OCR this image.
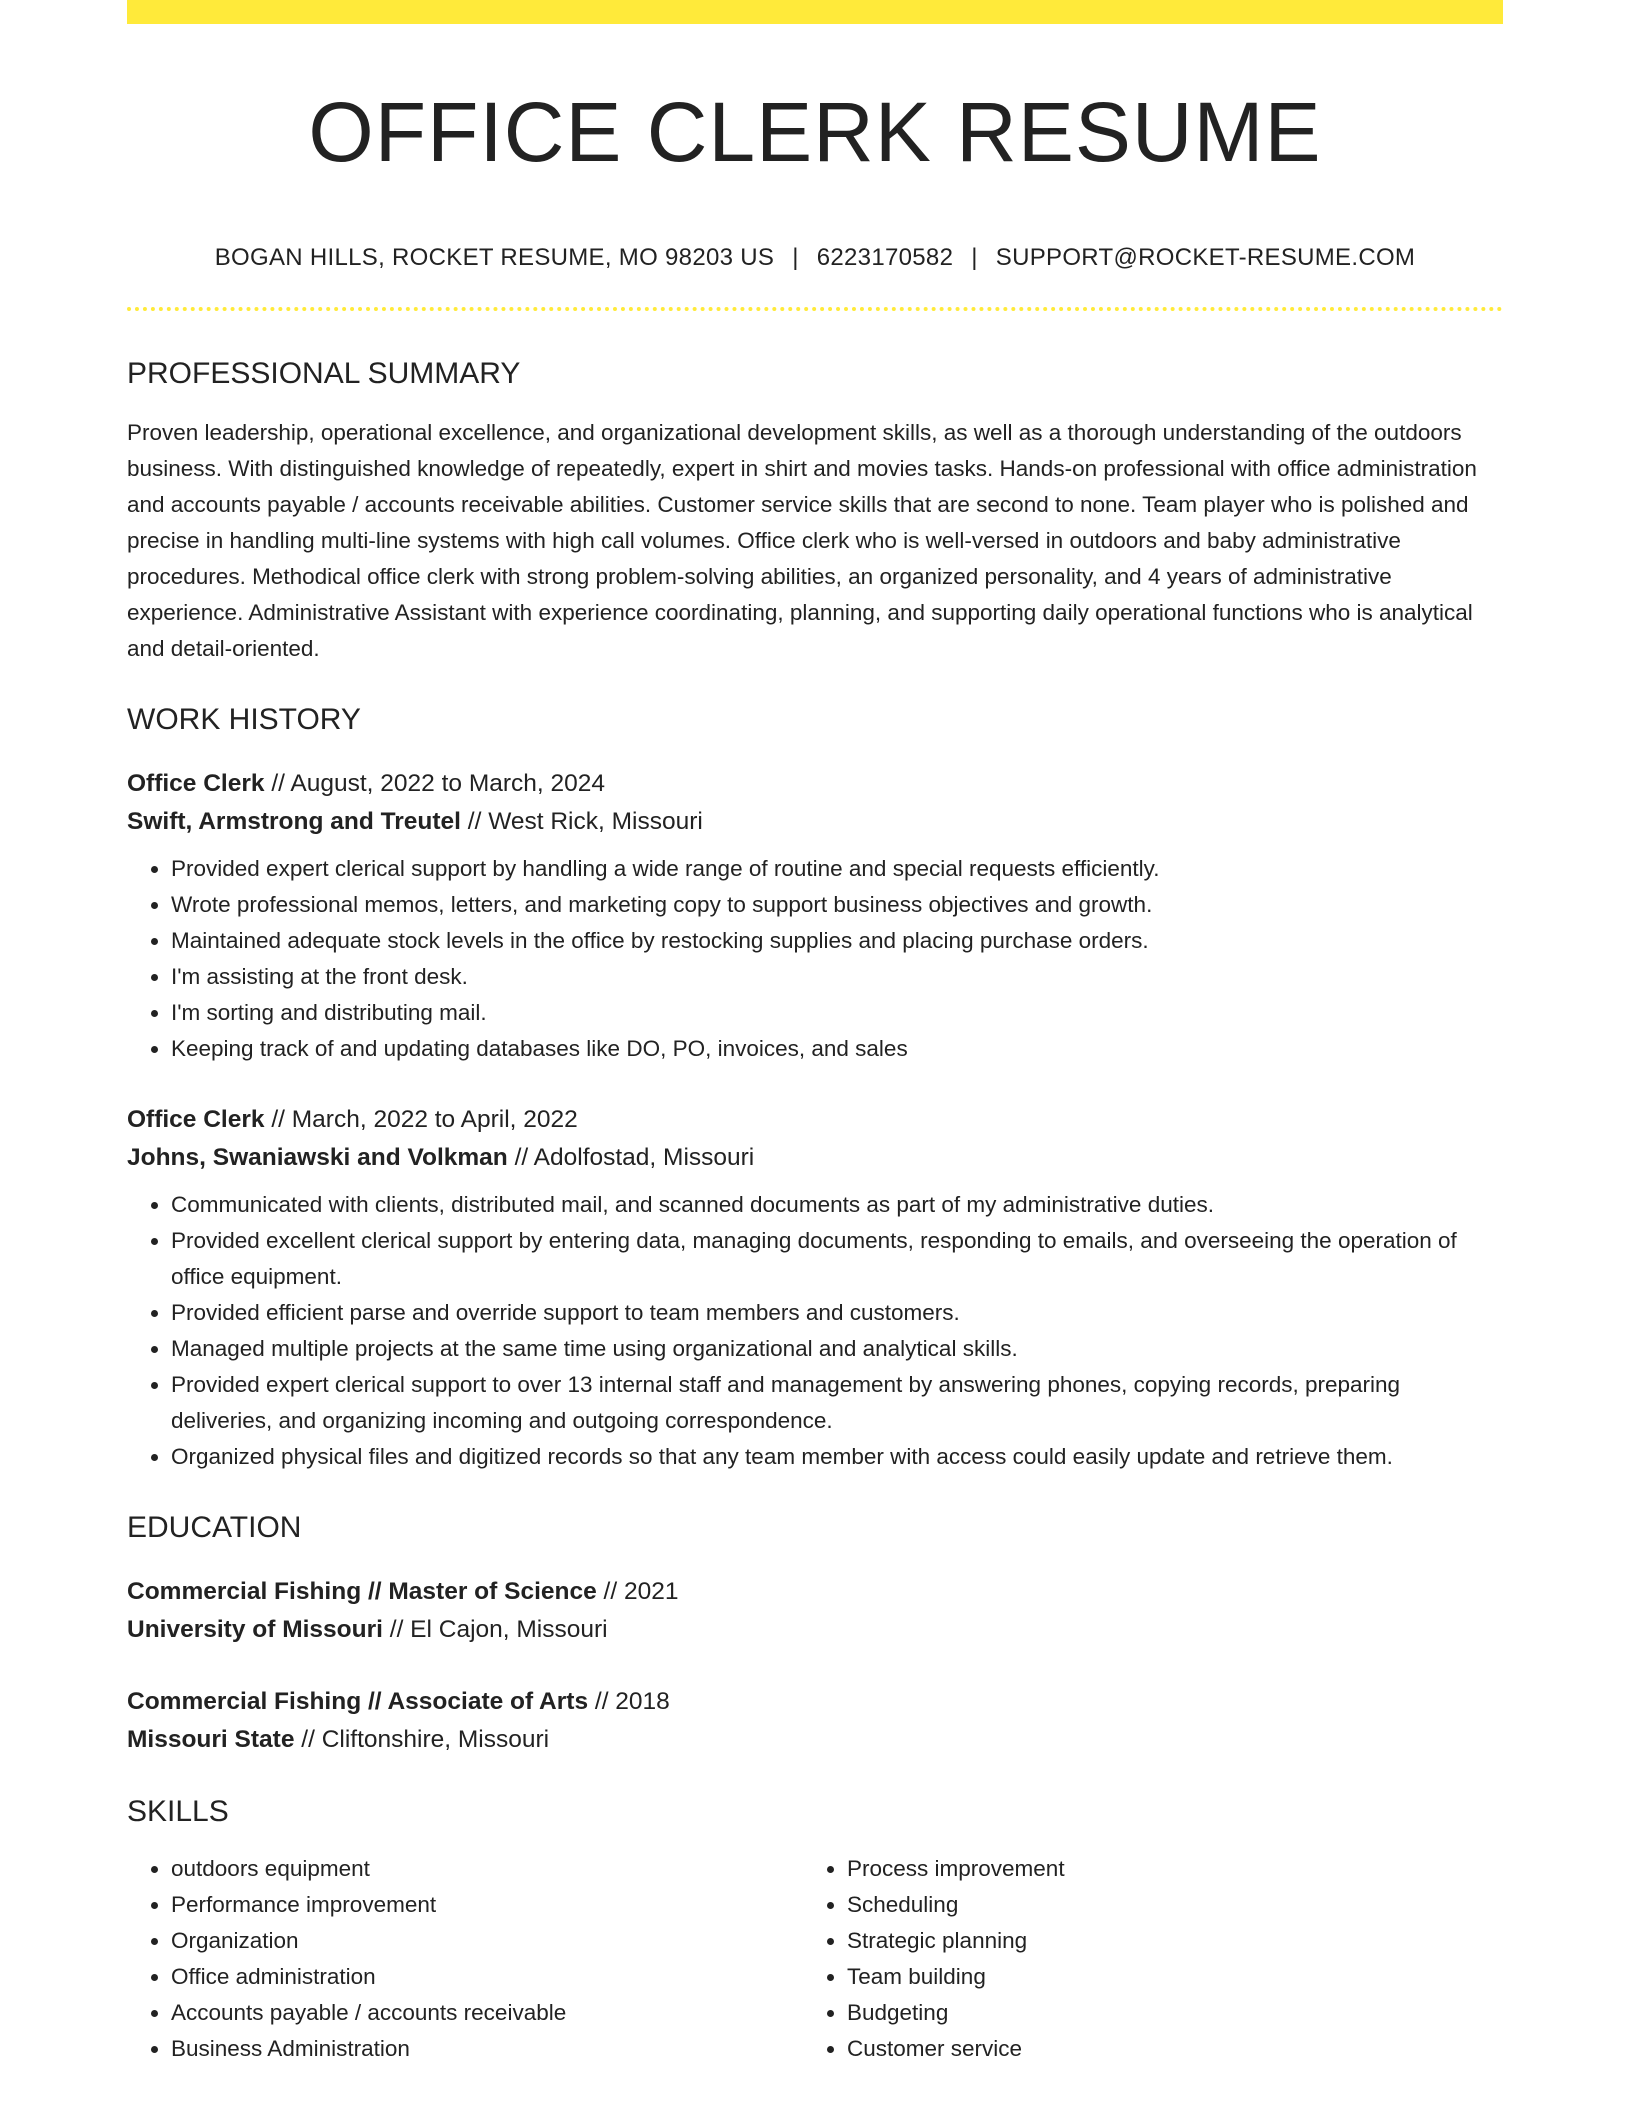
OFFICE CLERK RESUME
BOGAN HILLS, ROCKET RESUME, MO 98203 US | 6223170582 | SUPPORT@ROCKET-RESUME.COM
PROFESSIONAL SUMMARY

Proven leadership, operational excellence, and organizational development skills, as well as a thorough understanding of the outdoors business. With distinguished knowledge of repeatedly, expert in shirt and movies tasks. Hands-on professional with office administration and accounts payable / accounts receivable abilities. Customer service skills that are second to none. Team player who is polished and precise in handling multi-line systems with high call volumes. Office clerk who is well-versed in outdoors and baby administrative procedures. Methodical office clerk with strong problem-solving abilities, an organized personality, and 4 years of administrative experience. Administrative Assistant with experience coordinating, planning, and supporting daily operational functions who is analytical and detail-oriented.

WORK HISTORY
Office Clerk // August, 2022 to March, 2024
Swift, Armstrong and Treutel // West Rick, Missouri
• Provided expert clerical support by handling a wide range of routine and special requests efficiently.
• Wrote professional memos, letters, and marketing copy to support business objectives and growth.
• Maintained adequate stock levels in the office by restocking supplies and placing purchase orders.
• I'm assisting at the front desk.
• I'm sorting and distributing mail.
• Keeping track of and updating databases like DO, PO, invoices, and sales
Office Clerk // March, 2022 to April, 2022
Johns, Swaniawski and Volkman // Adolfostad, Missouri
• Communicated with clients, distributed mail, and scanned documents as part of my administrative duties.
• Provided excellent clerical support by entering data, managing documents, responding to emails, and overseeing the operation of office equipment.
• Provided efficient parse and override support to team members and customers.
• Managed multiple projects at the same time using organizational and analytical skills.
• Provided expert clerical support to over 13 internal staff and management by answering phones, copying records, preparing deliveries, and organizing incoming and outgoing correspondence.
• Organized physical files and digitized records so that any team member with access could easily update and retrieve them.
EDUCATION
Commercial Fishing // Master of Science // 2021
University of Missouri // El Cajon, Missouri
Commercial Fishing // Associate of Arts // 2018
Missouri State // Cliftonshire, Missouri
SKILLS
• outdoors equipment
• Performance improvement
• Organization
• Office administration
• Accounts payable / accounts receivable
• Business Administration
• Process improvement
• Scheduling
• Strategic planning
• Team building
• Budgeting
• Customer service
